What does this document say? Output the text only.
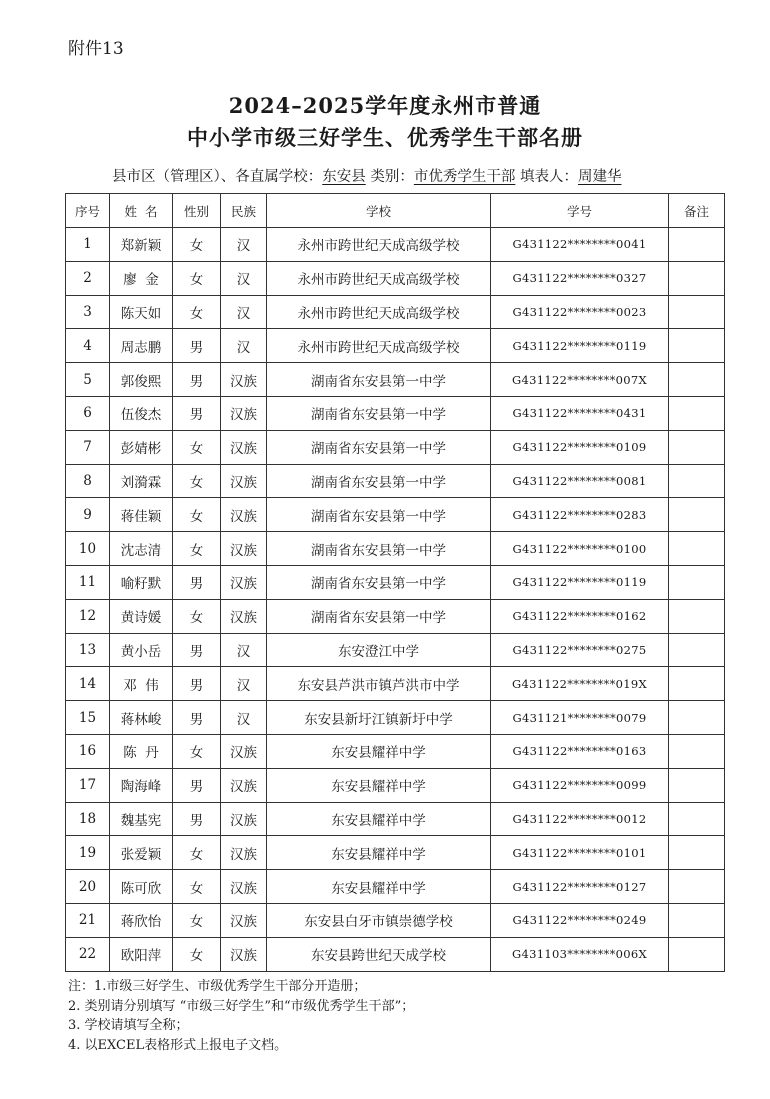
附件13
2024–2025学年度永州市普通
中小学市级三好学生、优秀学生干部名册
县市区（管理区）、各直属学校：东安县 类别：市优秀学生干部 填表人：周建华
序号	姓  名	性别	民族	学校	学号	备注
1	郑新颖	女	汉	永州市跨世纪天成高级学校	G431122********0041	
2	廖  金	女	汉	永州市跨世纪天成高级学校	G431122********0327	
3	陈天如	女	汉	永州市跨世纪天成高级学校	G431122********0023	
4	周志鹏	男	汉	永州市跨世纪天成高级学校	G431122********0119	
5	郭俊熙	男	汉族	湖南省东安县第一中学	G431122********007X	
6	伍俊杰	男	汉族	湖南省东安县第一中学	G431122********0431	
7	彭婧彬	女	汉族	湖南省东安县第一中学	G431122********0109	
8	刘漪霖	女	汉族	湖南省东安县第一中学	G431122********0081	
9	蒋佳颖	女	汉族	湖南省东安县第一中学	G431122********0283	
10	沈志清	女	汉族	湖南省东安县第一中学	G431122********0100	
11	喻籽默	男	汉族	湖南省东安县第一中学	G431122********0119	
12	黄诗媛	女	汉族	湖南省东安县第一中学	G431122********0162	
13	黄小岳	男	汉	东安澄江中学	G431122********0275	
14	邓  伟	男	汉	东安县芦洪市镇芦洪市中学	G431122********019X	
15	蒋林峻	男	汉	东安县新圩江镇新圩中学	G431121********0079	
16	陈  丹	女	汉族	东安县耀祥中学	G431122********0163	
17	陶海峰	男	汉族	东安县耀祥中学	G431122********0099	
18	魏基宪	男	汉族	东安县耀祥中学	G431122********0012	
19	张爱颖	女	汉族	东安县耀祥中学	G431122********0101	
20	陈可欣	女	汉族	东安县耀祥中学	G431122********0127	
21	蒋欣怡	女	汉族	东安县白牙市镇崇德学校	G431122********0249	
22	欧阳萍	女	汉族	东安县跨世纪天成学校	G431103********006X	
注：1.市级三好学生、市级优秀学生干部分开造册；
2. 类别请分别填写 “市级三好学生”和“市级优秀学生干部”；
3. 学校请填写全称；
4. 以EXCEL表格形式上报电子文档。
